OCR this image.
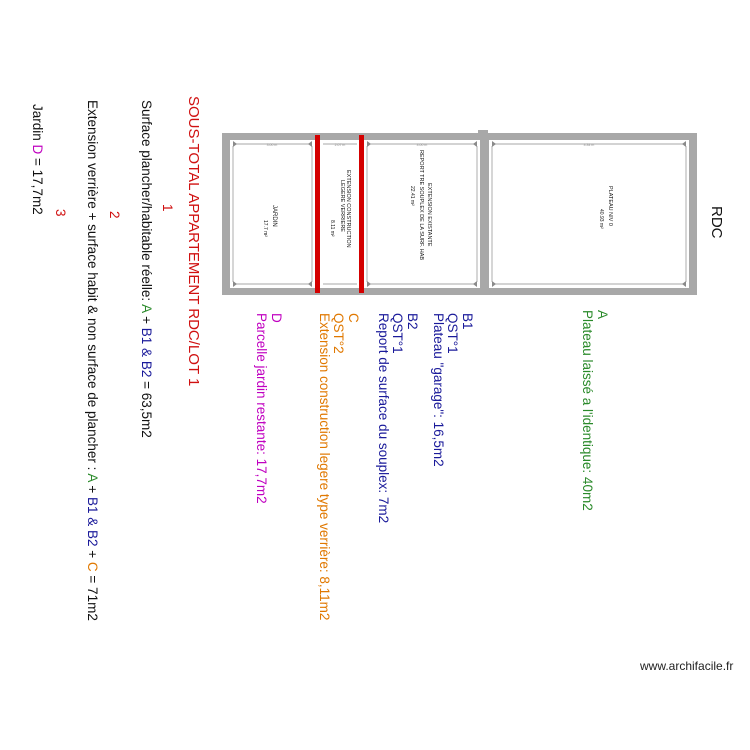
3.00 m	2.07 m	4.00 m	4.34 m
JARDIN
17.7 m²	EXTENSION CONSTRUCTION
LEGERE VERRIERE
8.11 m²	EXTENSION EXISTANTE
REPORT TRE SOUPLEX DE LA SURF. HAB
22.41 m²	PLATEAU NIV 0
40.93 m²	RDC
A
Plateau laissé a l'identique: 40m2
B1
QST°1
Plateau "garage": 16,5m2
B2
QST°1
Report de surface du souplex: 7m2
C
QST°2
Extension construction legere type verrière: 8,11m2
D
Parcelle jardin restante: 17,7m2
SOUS-TOTAL APPARTEMENT RDC/LOT 1
1
Surface plancher/habitable réelle: A + B1 & B2 = 63,5m2
2
Extension verrière + surface habit & non surface de plancher : A + B1 & B2 + C = 71m2
3
Jardin D = 17,7m2
www.archifacile.fr
